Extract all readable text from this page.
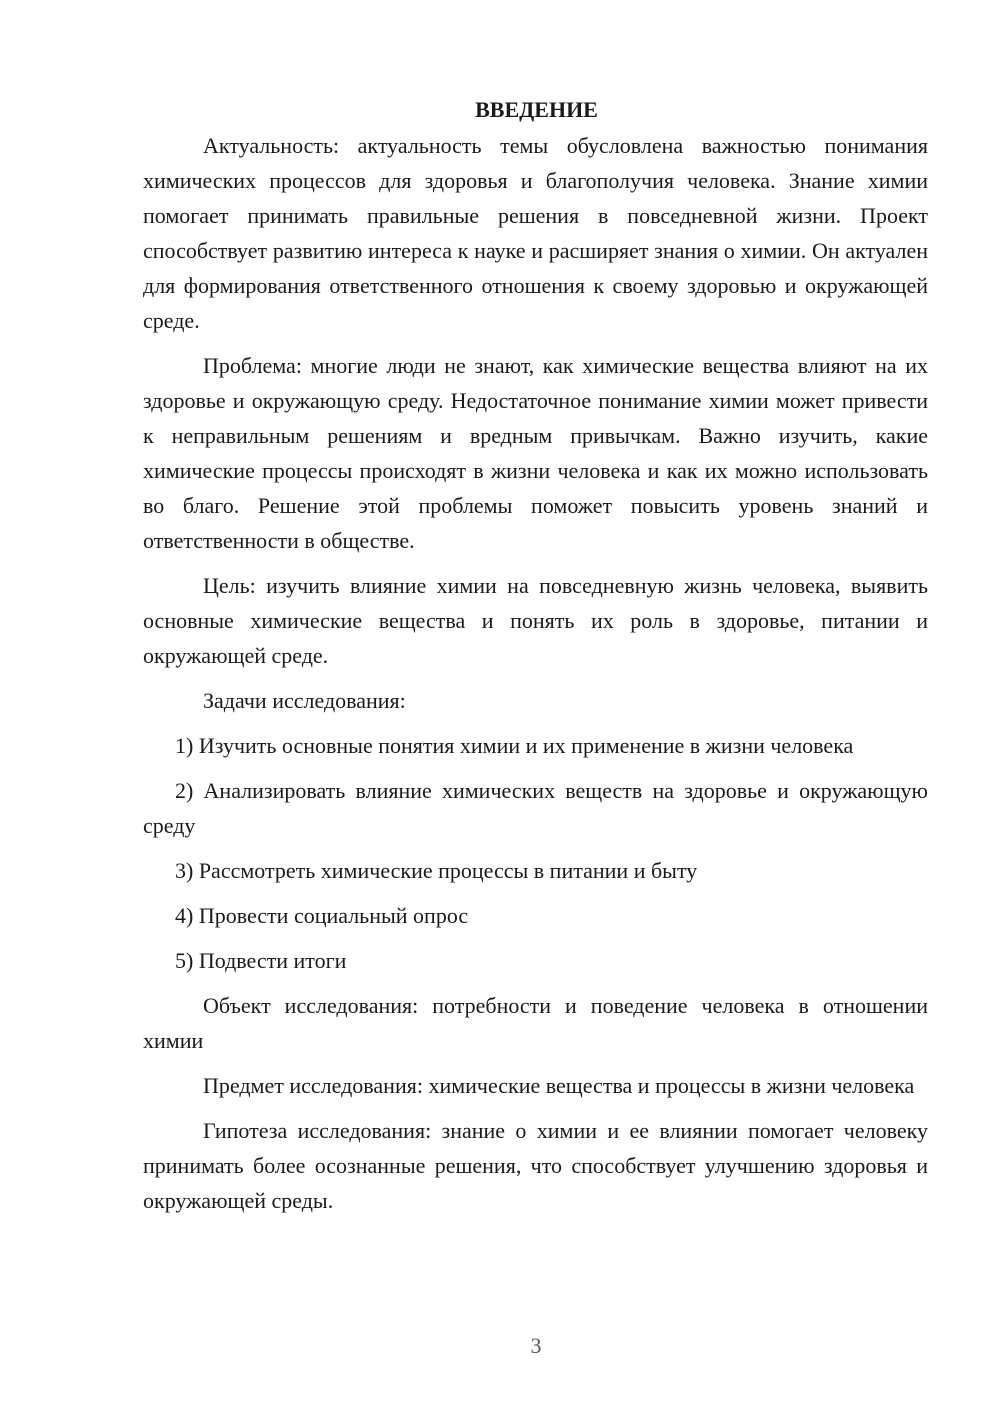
ВВЕДЕНИЕ

Актуальность: актуальность темы обусловлена важностью понимания химических процессов для здоровья и благополучия человека. Знание химии помогает принимать правильные решения в повседневной жизни. Проект способствует развитию интереса к науке и расширяет знания о химии. Он актуален для формирования ответственного отношения к своему здоровью и окружающей среде.

Проблема: многие люди не знают, как химические вещества влияют на их здоровье и окружающую среду. Недостаточное понимание химии может привести к неправильным решениям и вредным привычкам. Важно изучить, какие химические процессы происходят в жизни человека и как их можно использовать во благо. Решение этой проблемы поможет повысить уровень знаний и ответственности в обществе.

Цель: изучить влияние химии на повседневную жизнь человека, выявить основные химические вещества и понять их роль в здоровье, питании и окружающей среде.

Задачи исследования:

1) Изучить основные понятия химии и их применение в жизни человека

2) Анализировать влияние химических веществ на здоровье и окружающую среду

3) Рассмотреть химические процессы в питании и быту

4) Провести социальный опрос

5) Подвести итоги

Объект исследования: потребности и поведение человека в отношении химии

Предмет исследования: химические вещества и процессы в жизни человека

Гипотеза исследования: знание о химии и ее влиянии помогает человеку принимать более осознанные решения, что способствует улучшению здоровья и окружающей среды.

3
